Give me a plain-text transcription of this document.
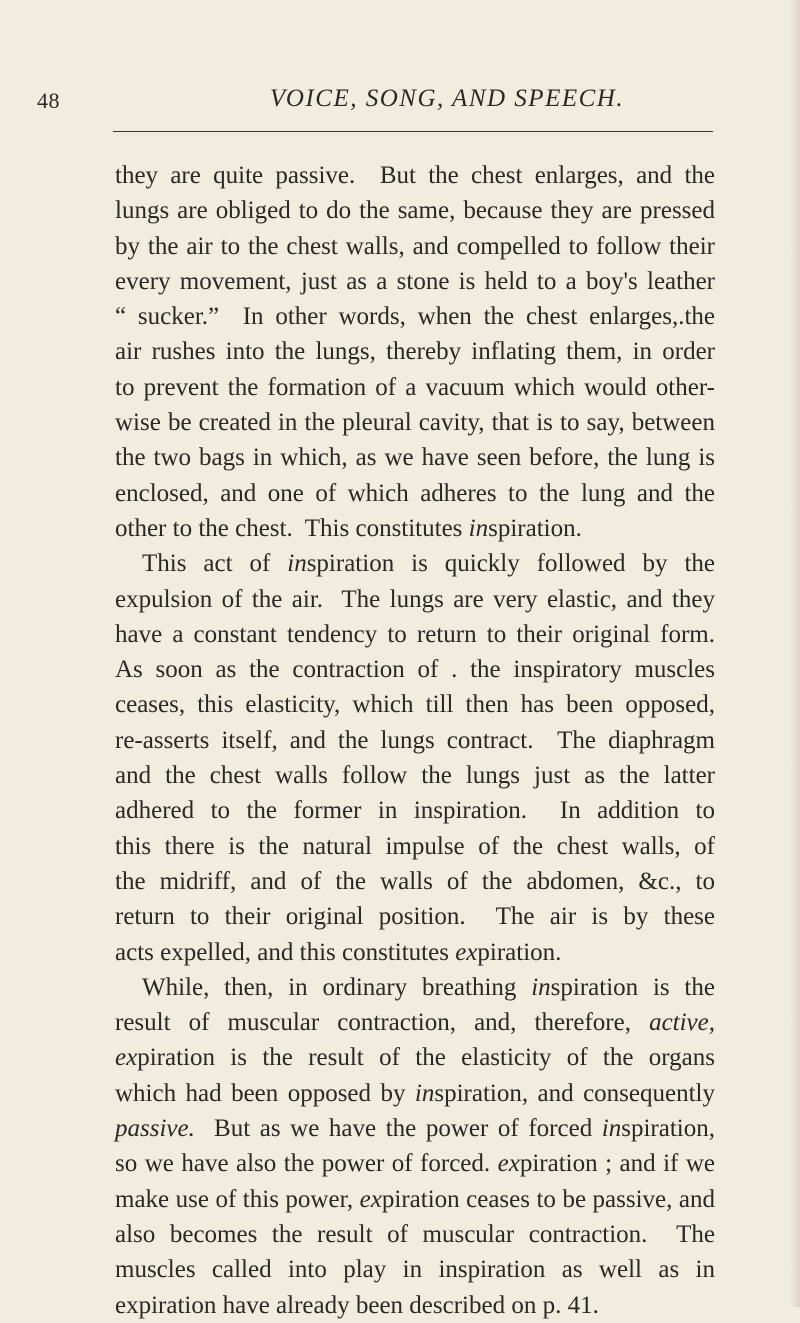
48	VOICE, SONG, AND SPEECH.
they are quite passive.  But the chest enlarges, and the
lungs are obliged to do the same, because they are pressed
by the air to the chest walls, and compelled to follow their
every movement, just as a stone is held to a boy's leather
“ sucker.”  In other words, when the chest enlarges,.the
air rushes into the lungs, thereby inflating them, in order
to prevent the formation of a vacuum which would other-
wise be created in the pleural cavity, that is to say, between
the two bags in which, as we have seen before, the lung is
enclosed, and one of which adheres to the lung and the
other to the chest.  This constitutes inspiration.
This act of inspiration is quickly followed by the
expulsion of the air.  The lungs are very elastic, and they
have a constant tendency to return to their original form.
As soon as the contraction of . the inspiratory muscles
ceases, this elasticity, which till then has been opposed,
re-asserts itself, and the lungs contract.  The diaphragm
and the chest walls follow the lungs just as the latter
adhered to the former in inspiration.  In addition to
this there is the natural impulse of the chest walls, of
the midriff, and of the walls of the abdomen, &c., to
return to their original position.  The air is by these
acts expelled, and this constitutes expiration.
While, then, in ordinary breathing inspiration is the
result of muscular contraction, and, therefore, active,
expiration is the result of the elasticity of the organs
which had been opposed by inspiration, and consequently
passive.  But as we have the power of forced inspiration,
so we have also the power of forced. expiration ; and if we
make use of this power, expiration ceases to be passive, and
also becomes the result of muscular contraction.  The
muscles called into play in inspiration as well as in
expiration have already been described on p. 41.
